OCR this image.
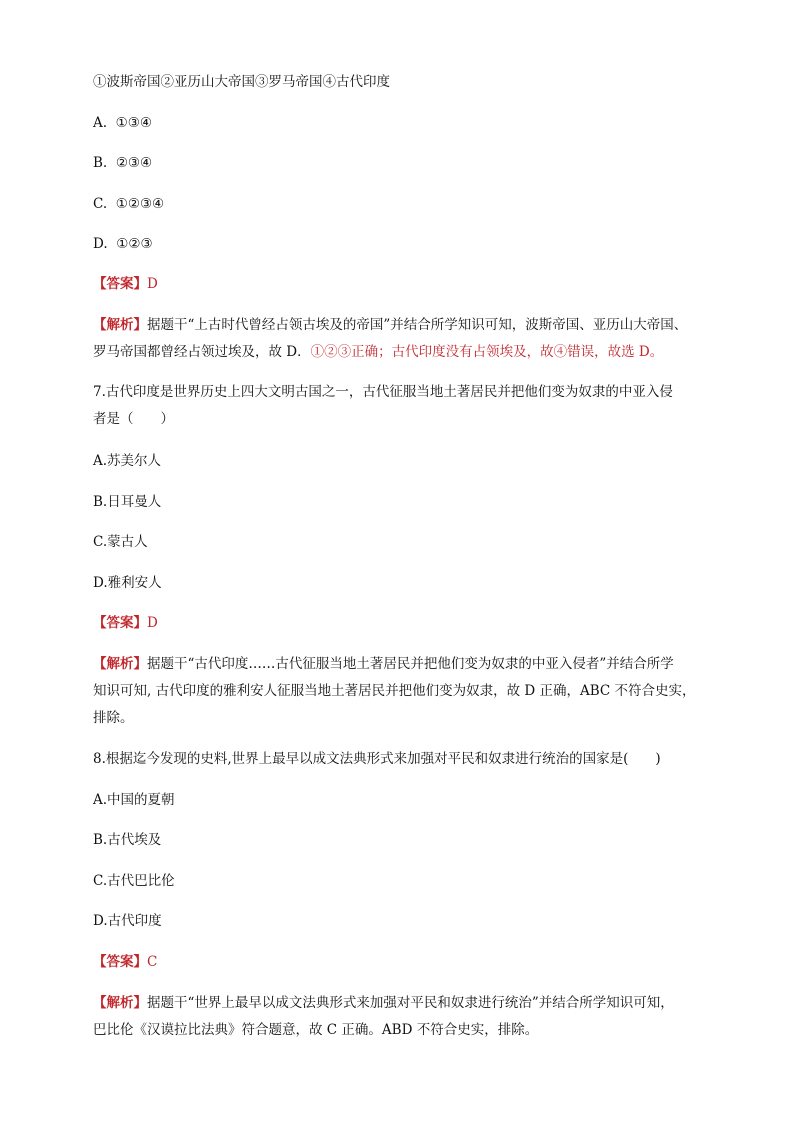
①波斯帝国②亚历山大帝国③罗马帝国④古代印度
A. ①③④
B. ②③④
C. ①②③④
D. ①②③
【答案】D
【解析】据题干“上古时代曾经占领古埃及的帝国”并结合所学知识可知，波斯帝国、亚历山大帝国、
罗马帝国都曾经占领过埃及，故 D．①②③正确；古代印度没有占领埃及，故④错误，故选 D。
7.古代印度是世界历史上四大文明古国之一，古代征服当地土著居民并把他们变为奴隶的中亚入侵
者是（　　）
A.苏美尔人
B.日耳曼人
C.蒙古人
D.雅利安人
【答案】D
【解析】据题干“古代印度……古代征服当地土著居民并把他们变为奴隶的中亚入侵者”并结合所学
知识可知, 古代印度的雅利安人征服当地土著居民并把他们变为奴隶，故 D 正确，ABC 不符合史实，
排除。
8.根据迄今发现的史料,世界上最早以成文法典形式来加强对平民和奴隶进行统治的国家是(　　)
A.中国的夏朝
B.古代埃及
C.古代巴比伦
D.古代印度
【答案】C
【解析】据题干“世界上最早以成文法典形式来加强对平民和奴隶进行统治”并结合所学知识可知，
巴比伦《汉谟拉比法典》符合题意，故 C 正确。ABD 不符合史实，排除。
